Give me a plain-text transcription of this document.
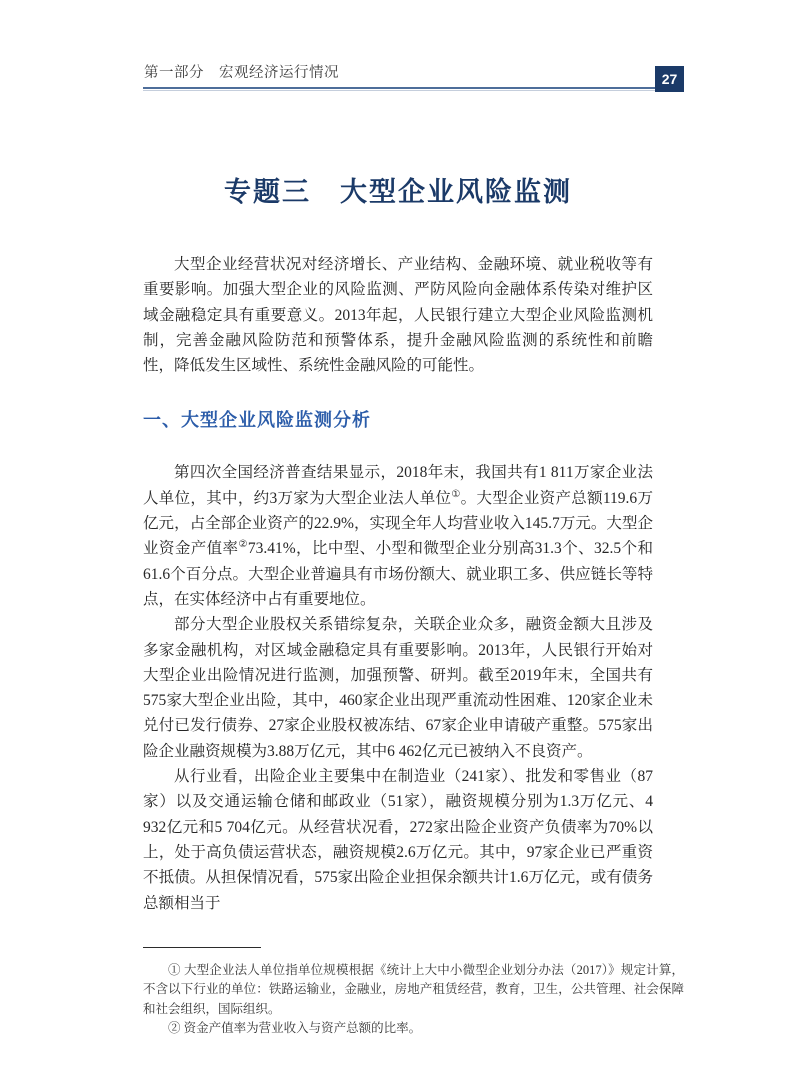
第一部分　宏观经济运行情况	27
专题三　大型企业风险监测

大型企业经营状况对经济增长、产业结构、金融环境、就业税收等有重要影响。加强大型企业的风险监测、严防风险向金融体系传染对维护区域金融稳定具有重要意义。2013年起，人民银行建立大型企业风险监测机制，完善金融风险防范和预警体系，提升金融风险监测的系统性和前瞻性，降低发生区域性、系统性金融风险的可能性。

一、大型企业风险监测分析

第四次全国经济普查结果显示，2018年末，我国共有1 811万家企业法人单位，其中，约3万家为大型企业法人单位①。大型企业资产总额119.6万亿元，占全部企业资产的22.9%，实现全年人均营业收入145.7万元。大型企业资金产值率②73.41%，比中型、小型和微型企业分别高31.3个、32.5个和61.6个百分点。大型企业普遍具有市场份额大、就业职工多、供应链长等特点，在实体经济中占有重要地位。

部分大型企业股权关系错综复杂，关联企业众多，融资金额大且涉及多家金融机构，对区域金融稳定具有重要影响。2013年，人民银行开始对大型企业出险情况进行监测，加强预警、研判。截至2019年末，全国共有575家大型企业出险，其中，460家企业出现严重流动性困难、120家企业未兑付已发行债券、27家企业股权被冻结、67家企业申请破产重整。575家出险企业融资规模为3.88万亿元，其中6 462亿元已被纳入不良资产。

从行业看，出险企业主要集中在制造业（241家）、批发和零售业（87家）以及交通运输仓储和邮政业（51家），融资规模分别为1.3万亿元、4 932亿元和5 704亿元。从经营状况看，272家出险企业资产负债率为70%以上，处于高负债运营状态，融资规模2.6万亿元。其中，97家企业已严重资不抵债。从担保情况看，575家出险企业担保余额共计1.6万亿元，或有债务总额相当于

① 大型企业法人单位指单位规模根据《统计上大中小微型企业划分办法（2017）》规定计算，不含以下行业的单位：铁路运输业，金融业，房地产租赁经营，教育，卫生，公共管理、社会保障和社会组织，国际组织。

② 资金产值率为营业收入与资产总额的比率。
